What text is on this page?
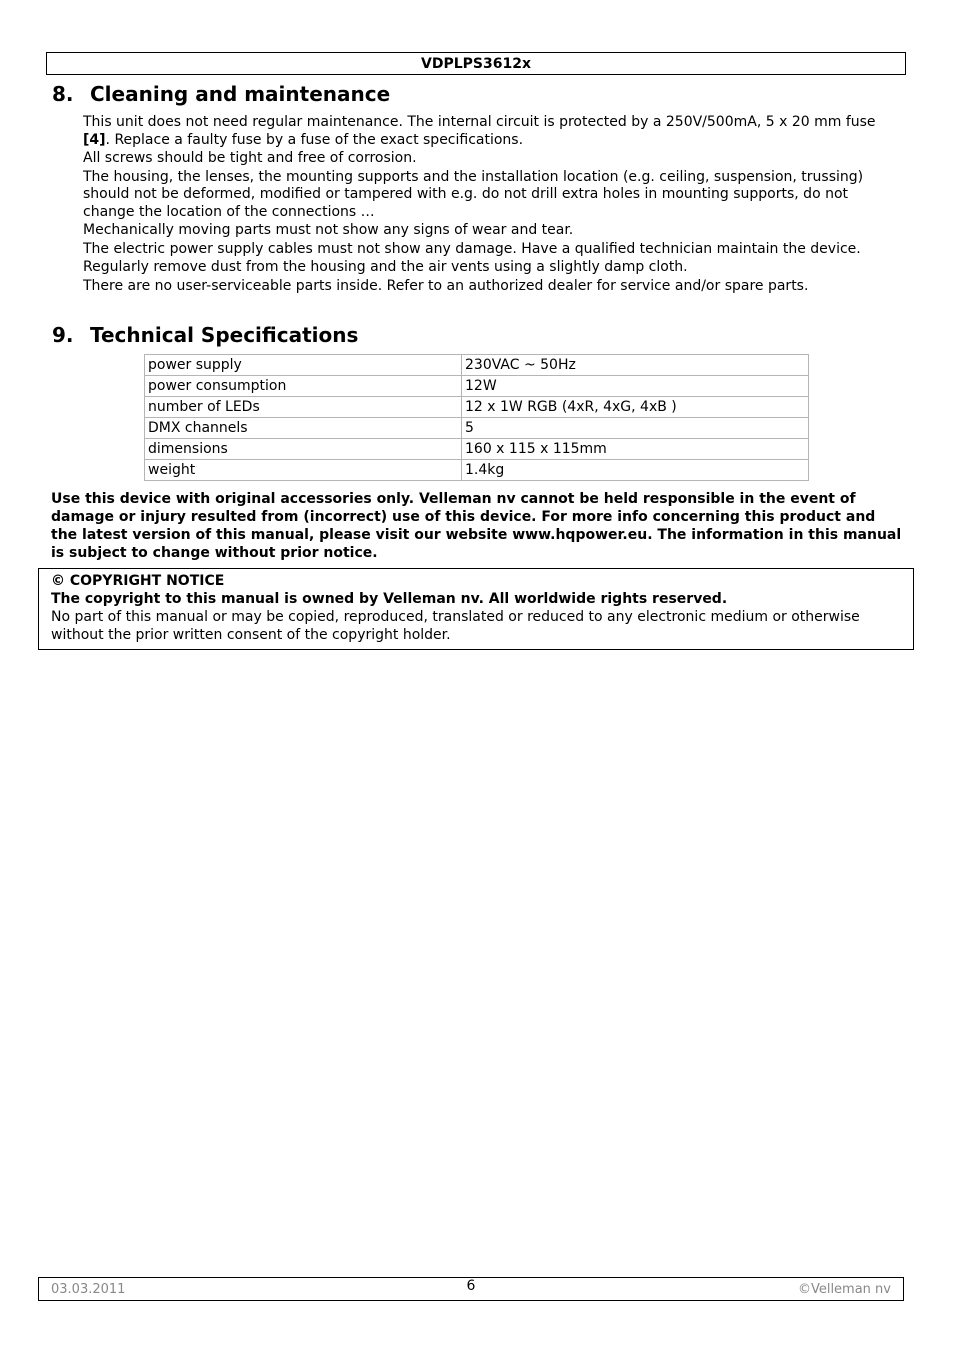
VDPLPS3612x
8. Cleaning and maintenance

This unit does not need regular maintenance. The internal circuit is protected by a 250V/500mA, 5 x 20 mm fuse [4]. Replace a faulty fuse by a fuse of the exact specifications.

All screws should be tight and free of corrosion.

The housing, the lenses, the mounting supports and the installation location (e.g. ceiling, suspension, trussing) should not be deformed, modified or tampered with e.g. do not drill extra holes in mounting supports, do not change the location of the connections …

Mechanically moving parts must not show any signs of wear and tear.

The electric power supply cables must not show any damage. Have a qualified technician maintain the device.

Regularly remove dust from the housing and the air vents using a slightly damp cloth.

There are no user-serviceable parts inside. Refer to an authorized dealer for service and/or spare parts.

9. Technical Specifications
power supply	230VAC ~ 50Hz
power consumption	12W
number of LEDs	12 x 1W RGB (4xR, 4xG, 4xB )
DMX channels	5
dimensions	160 x 115 x 115mm
weight	1.4kg

Use this device with original accessories only. Velleman nv cannot be held responsible in the event of damage or injury resulted from (incorrect) use of this device. For more info concerning this product and the latest version of this manual, please visit our website www.hqpower.eu. The information in this manual is subject to change without prior notice.

© COPYRIGHT NOTICE

The copyright to this manual is owned by Velleman nv. All worldwide rights reserved.

No part of this manual or may be copied, reproduced, translated or reduced to any electronic medium or otherwise without the prior written consent of the copyright holder.

03.03.2011	6	©Velleman nv
